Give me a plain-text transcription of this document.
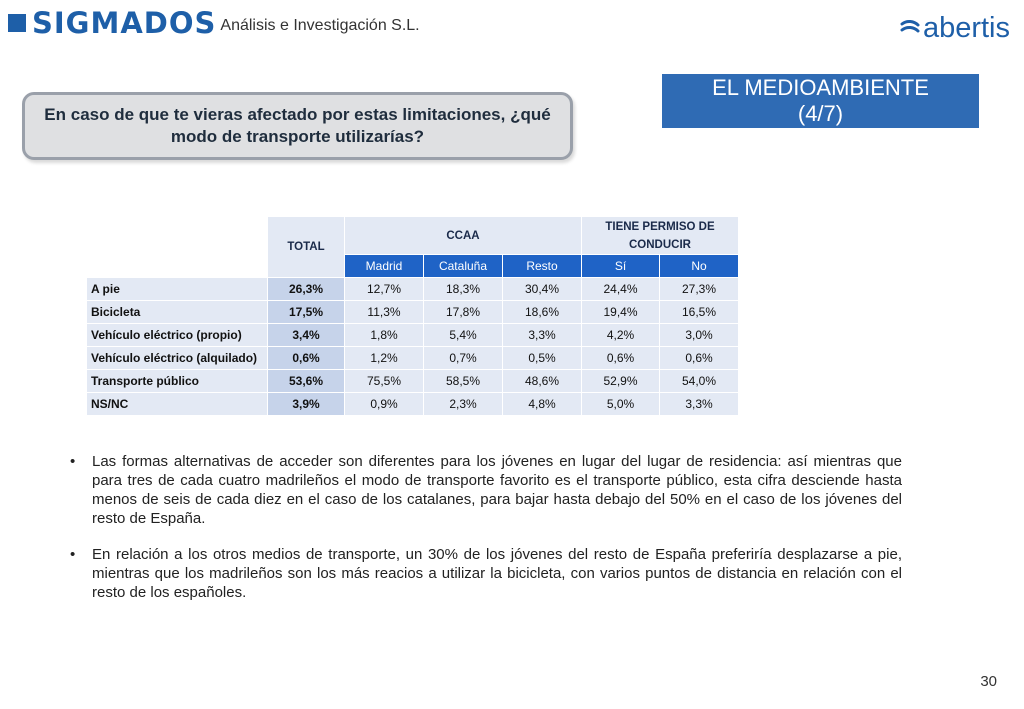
SIGMADOS Análisis e Investigación S.L.	abertis
EL MEDIOAMBIENTE
(4/7)
En caso de que te vieras afectado por estas limitaciones, ¿qué modo de transporte utilizarías?
	TOTAL	CCAA			TIENE PERMISO DE CONDUCIR	
		Madrid	Cataluña	Resto	Sí	No
A pie	26,3%	12,7%	18,3%	30,4%	24,4%	27,3%
Bicicleta	17,5%	11,3%	17,8%	18,6%	19,4%	16,5%
Vehículo eléctrico (propio)	3,4%	1,8%	5,4%	3,3%	4,2%	3,0%
Vehículo eléctrico (alquilado)	0,6%	1,2%	0,7%	0,5%	0,6%	0,6%
Transporte público	53,6%	75,5%	58,5%	48,6%	52,9%	54,0%
NS/NC	3,9%	0,9%	2,3%	4,8%	5,0%	3,3%
•	Las formas alternativas de acceder son diferentes para los jóvenes en lugar del lugar de residencia: así mientras que para tres de cada cuatro madrileños el modo de transporte favorito es el transporte público, esta cifra desciende hasta menos de seis de cada diez en el caso de los catalanes, para bajar hasta debajo del 50% en el caso de los jóvenes del resto de España.
•	En relación a los otros medios de transporte, un 30% de los jóvenes del resto de España preferiría desplazarse a pie, mientras que los madrileños son los más reacios a utilizar la bicicleta, con varios puntos de distancia en relación con el resto de los españoles.
30
